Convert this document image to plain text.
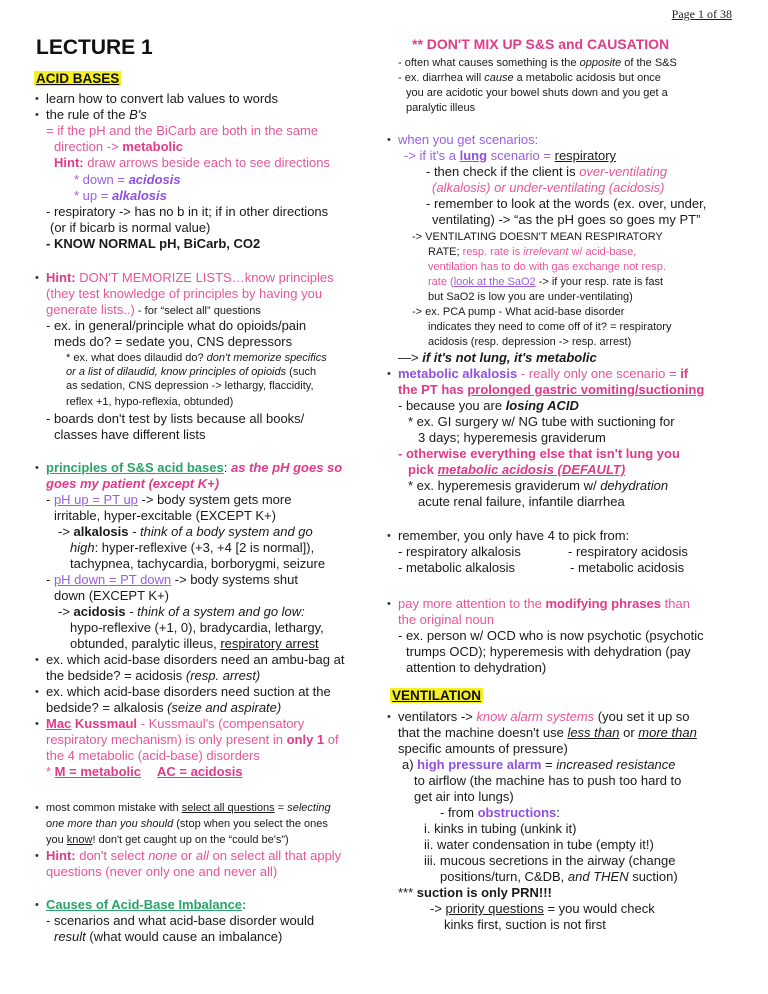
Page 1 of 38
LECTURE 1
ACID BASES
• learn how to convert lab values to words
• the rule of the B's
= if the pH and the BiCarb are both in the same
direction -> metabolic
Hint: draw arrows beside each to see directions
* down = acidosis
* up = alkalosis
- respiratory -> has no b in it; if in other directions
(or if bicarb is normal value)
- KNOW NORMAL pH, BiCarb, CO2
• Hint: DON'T MEMORIZE LISTS…know principles
(they test knowledge of principles by having you
generate lists..) - for “select all” questions
- ex. in general/principle what do opioids/pain
meds do? = sedate you, CNS depressors
* ex. what does dilaudid do? don't memorize specifics
or a list of dilaudid, know principles of opioids (such
as sedation, CNS depression -> lethargy, flaccidity,
reflex +1, hypo-reflexia, obtunded)
- boards don't test by lists because all books/
classes have different lists
• principles of S&S acid bases: as the pH goes so
goes my patient (except K+)
- pH up = PT up -> body system gets more
irritable, hyper-excitable (EXCEPT K+)
-> alkalosis - think of a body system and go
high: hyper-reflexive (+3, +4 [2 is normal]),
tachypnea, tachycardia, borborygmi, seizure
- pH down = PT down -> body systems shut
down (EXCEPT K+)
-> acidosis - think of a system and go low:
hypo-reflexive (+1, 0), bradycardia, lethargy,
obtunded, paralytic illeus, respiratory arrest
• ex. which acid-base disorders need an ambu-bag at
the bedside? = acidosis (resp. arrest)
• ex. which acid-base disorders need suction at the
bedside? = alkalosis (seize and aspirate)
• Mac Kussmaul - Kussmaul's (compensatory
respiratory mechanism) is only present in only 1 of
the 4 metabolic (acid-base) disorders
* M = metabolic AC = acidosis
• most common mistake with select all questions = selecting
one more than you should (stop when you select the ones
you know! don't get caught up on the “could be's”)
• Hint: don't select none or all on select all that apply
questions (never only one and never all)
• Causes of Acid-Base Imbalance:
- scenarios and what acid-base disorder would
result (what would cause an imbalance)
** DON'T MIX UP S&S and CAUSATION
- often what causes something is the opposite of the S&S
- ex. diarrhea will cause a metabolic acidosis but once
you are acidotic your bowel shuts down and you get a
paralytic illeus
• when you get scenarios:
-> if it's a lung scenario = respiratory
- then check if the client is over-ventilating
(alkalosis) or under-ventilating (acidosis)
- remember to look at the words (ex. over, under,
ventilating) -> “as the pH goes so goes my PT”
-> VENTILATING DOESN'T MEAN RESPIRATORY
RATE; resp. rate is irrelevant w/ acid-base,
ventilation has to do with gas exchange not resp.
rate (look at the SaO2 -> if your resp. rate is fast
but SaO2 is low you are under-ventilating)
-> ex. PCA pump - What acid-base disorder
indicates they need to come off of it? = respiratory
acidosis (resp. depression -> resp. arrest)
—> if it's not lung, it's metabolic
• metabolic alkalosis - really only one scenario = if
the PT has prolonged gastric vomiting/suctioning
- because you are losing ACID
* ex. GI surgery w/ NG tube with suctioning for
3 days; hyperemesis graviderum
- otherwise everything else that isn't lung you
pick metabolic acidosis (DEFAULT)
* ex. hyperemesis graviderum w/ dehydration
acute renal failure, infantile diarrhea
• remember, you only have 4 to pick from:
- respiratory alkalosis	- respiratory acidosis
- metabolic alkalosis	- metabolic acidosis
• pay more attention to the modifying phrases than
the original noun
- ex. person w/ OCD who is now psychotic (psychotic
trumps OCD); hyperemesis with dehydration (pay
attention to dehydration)
VENTILATION
• ventilators -> know alarm systems (you set it up so
that the machine doesn't use less than or more than
specific amounts of pressure)
a) high pressure alarm = increased resistance
to airflow (the machine has to push too hard to
get air into lungs)
- from obstructions:
i. kinks in tubing (unkink it)
ii. water condensation in tube (empty it!)
iii. mucous secretions in the airway (change
positions/turn, C&DB, and THEN suction)
*** suction is only PRN!!!
-> priority questions = you would check
kinks first, suction is not first
